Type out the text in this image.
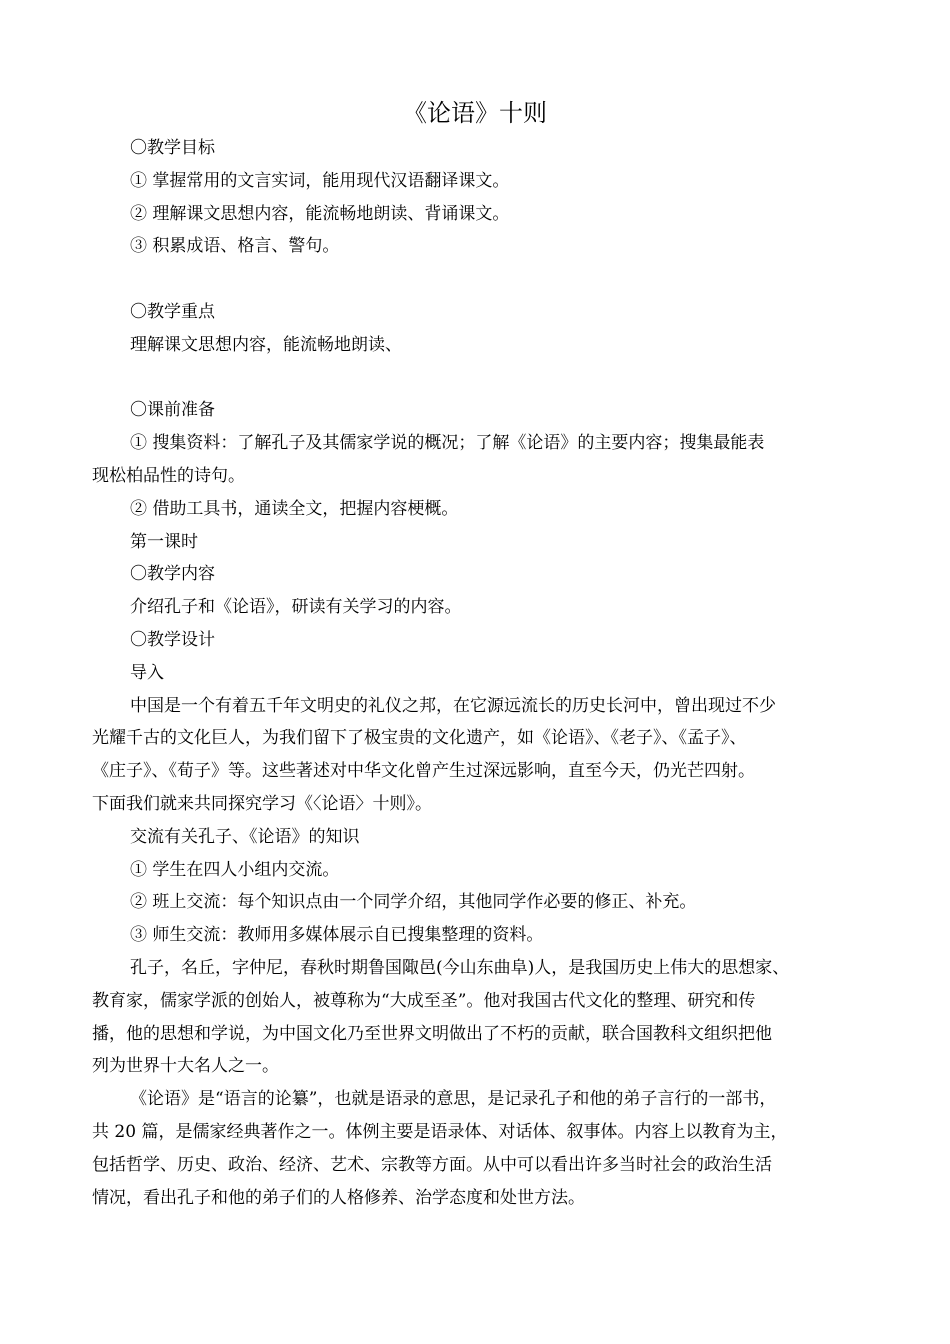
《论语》十则

〇教学目标

① 掌握常用的文言实词，能用现代汉语翻译课文。

② 理解课文思想内容，能流畅地朗读、背诵课文。

③ 积累成语、格言、警句。

〇教学重点

理解课文思想内容，能流畅地朗读、

〇课前准备

① 搜集资料：了解孔子及其儒家学说的概况；了解《论语》的主要内容；搜集最能表

现松柏品性的诗句。

② 借助工具书，通读全文，把握内容梗概。

第一课时

〇教学内容

介绍孔子和《论语》，研读有关学习的内容。

〇教学设计

导入

中国是一个有着五千年文明史的礼仪之邦，在它源远流长的历史长河中，曾出现过不少

光耀千古的文化巨人，为我们留下了极宝贵的文化遗产，如《论语》、《老子》、《孟子》、

《庄子》、《荀子》等。这些著述对中华文化曾产生过深远影响，直至今天，仍光芒四射。

下面我们就来共同探究学习《〈论语〉十则》。

交流有关孔子、《论语》的知识

① 学生在四人小组内交流。

② 班上交流：每个知识点由一个同学介绍，其他同学作必要的修正、补充。

③ 师生交流：教师用多媒体展示自已搜集整理的资料。

孔子，名丘，字仲尼，春秋时期鲁国陬邑(今山东曲阜)人，是我国历史上伟大的思想家、

教育家，儒家学派的创始人，被尊称为“大成至圣”。他对我国古代文化的整理、研究和传

播，他的思想和学说，为中国文化乃至世界文明做出了不朽的贡献，联合国教科文组织把他

列为世界十大名人之一。

《论语》是“语言的论纂”，也就是语录的意思，是记录孔子和他的弟子言行的一部书，

共 20 篇，是儒家经典著作之一。体例主要是语录体、对话体、叙事体。内容上以教育为主，

包括哲学、历史、政治、经济、艺术、宗教等方面。从中可以看出许多当时社会的政治生活

情况，看出孔子和他的弟子们的人格修养、治学态度和处世方法。
